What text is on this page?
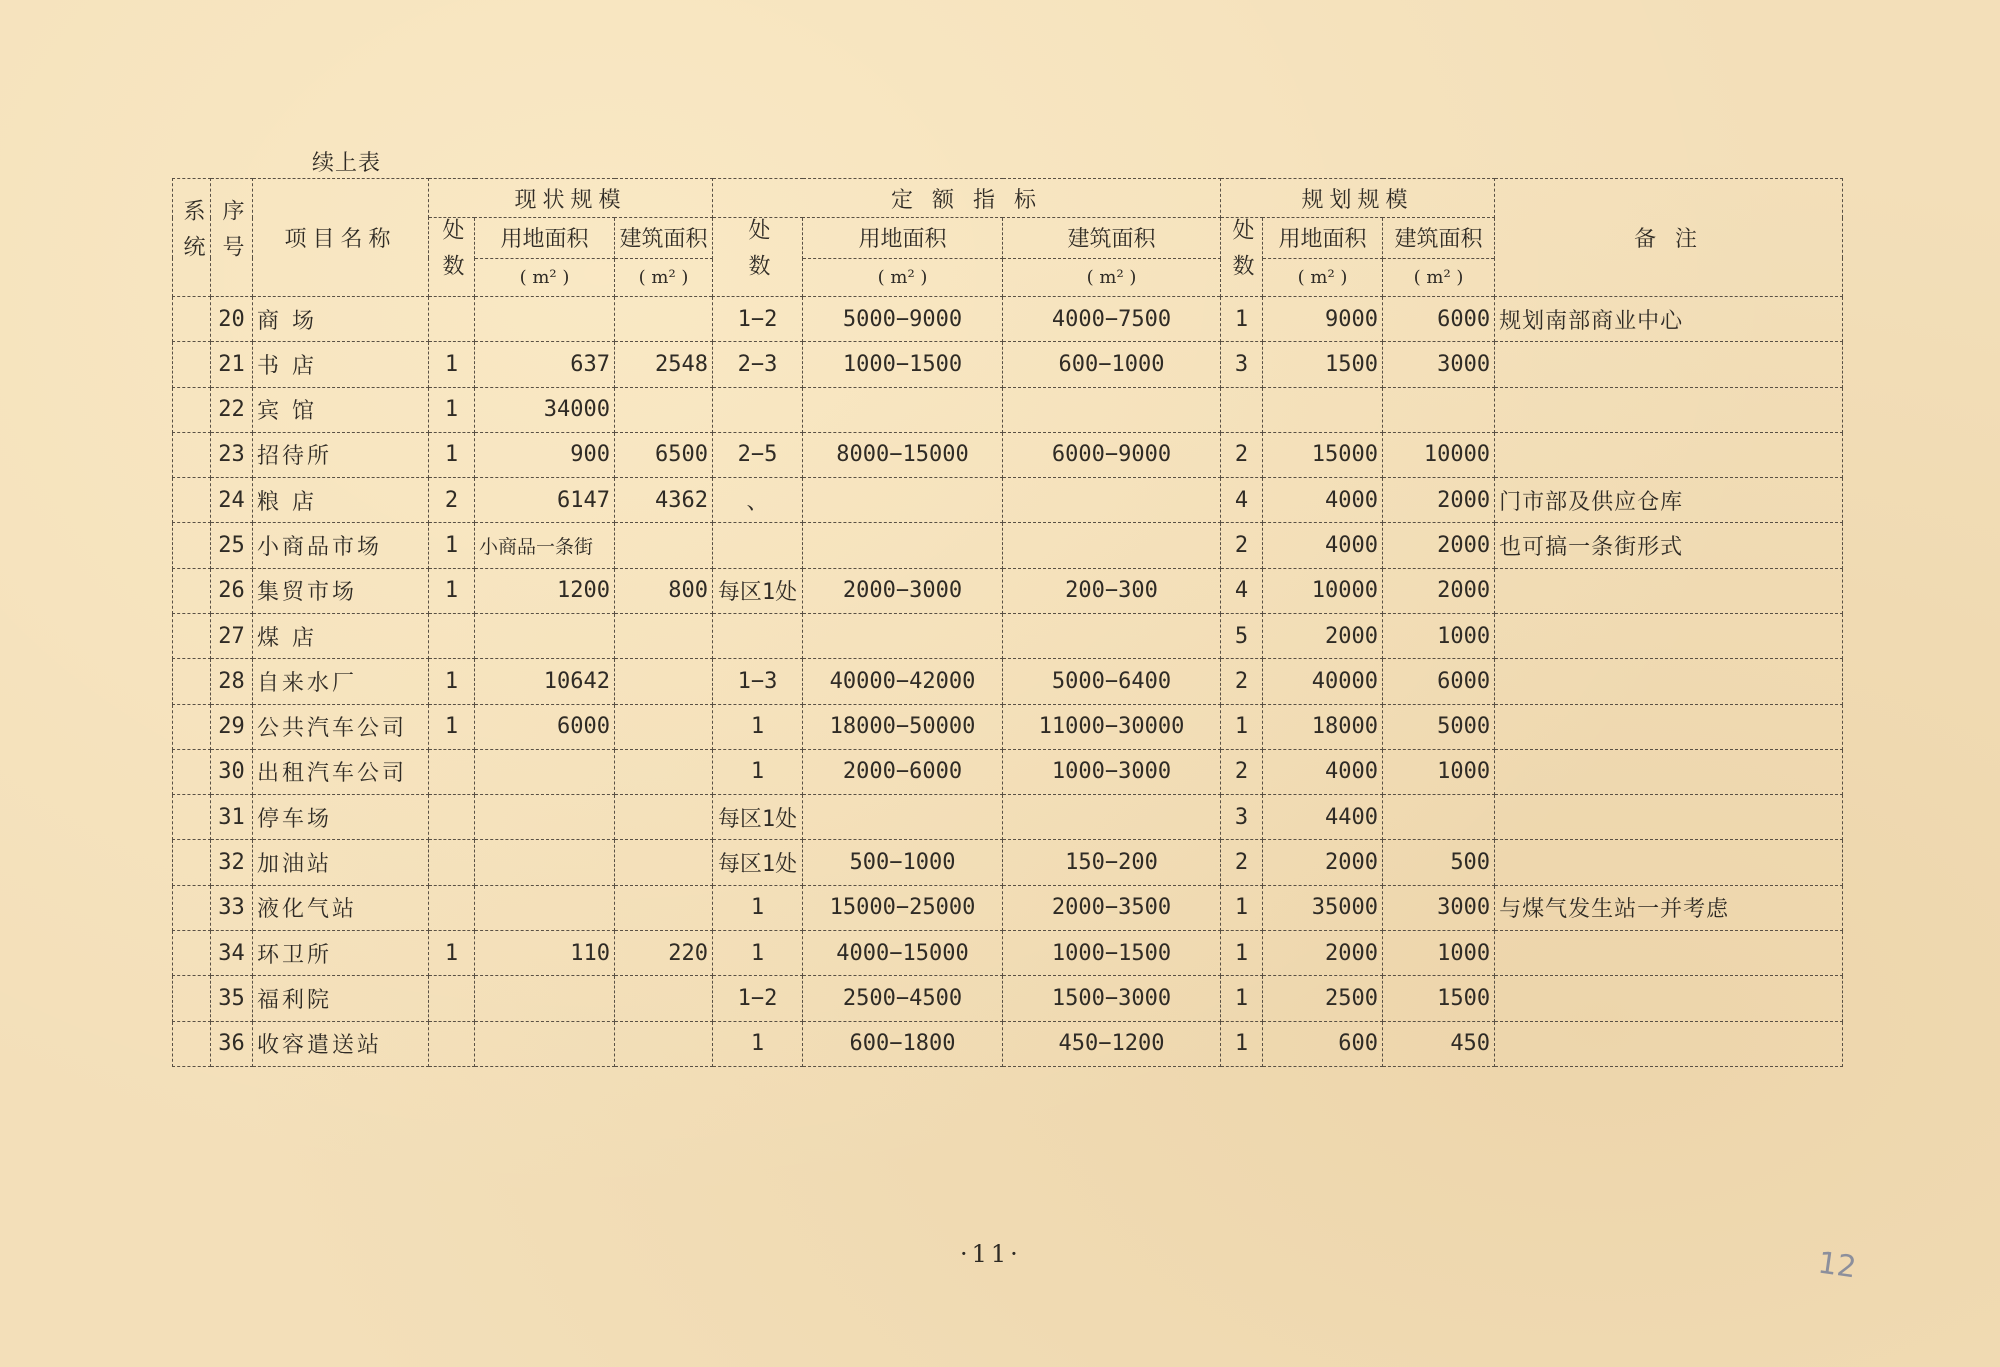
续上表
系统	序号	项目名称	现状规模			定 额 指 标			规划规模			备 注
			处数	用地面积	建筑面积	处数	用地面积	建筑面积	处数	用地面积	建筑面积	
				( m² )	( m² )		( m² )	( m² )		( m² )	( m² )	
	20	商 场				1−2	5000−9000	4000−7500	1	9000	6000	规划南部商业中心
	21	书 店	1	637	2548	2−3	1000−1500	600−1000	3	1500	3000	
	22	宾 馆	1	34000								
	23	招待所	1	900	6500	2−5	8000−15000	6000−9000	2	15000	10000	
	24	粮 店	2	6147	4362	、			4	4000	2000	门市部及供应仓库
	25	小商品市场	1	小商品一条街					2	4000	2000	也可搞一条街形式
	26	集贸市场	1	1200	800	每区1处	2000−3000	200−300	4	10000	2000	
	27	煤 店							5	2000	1000	
	28	自来水厂	1	10642		1−3	40000−42000	5000−6400	2	40000	6000	
	29	公共汽车公司	1	6000		1	18000−50000	11000−30000	1	18000	5000	
	30	出租汽车公司				1	2000−6000	1000−3000	2	4000	1000	
	31	停车场				每区1处			3	4400		
	32	加油站				每区1处	500−1000	150−200	2	2000	500	
	33	液化气站				1	15000−25000	2000−3500	1	35000	3000	与煤气发生站一并考虑
	34	环卫所	1	110	220	1	4000−15000	1000−1500	1	2000	1000	
	35	福利院				1−2	2500−4500	1500−3000	1	2500	1500	
	36	收容遣送站				1	600−1800	450−1200	1	600	450	
·11·	12
